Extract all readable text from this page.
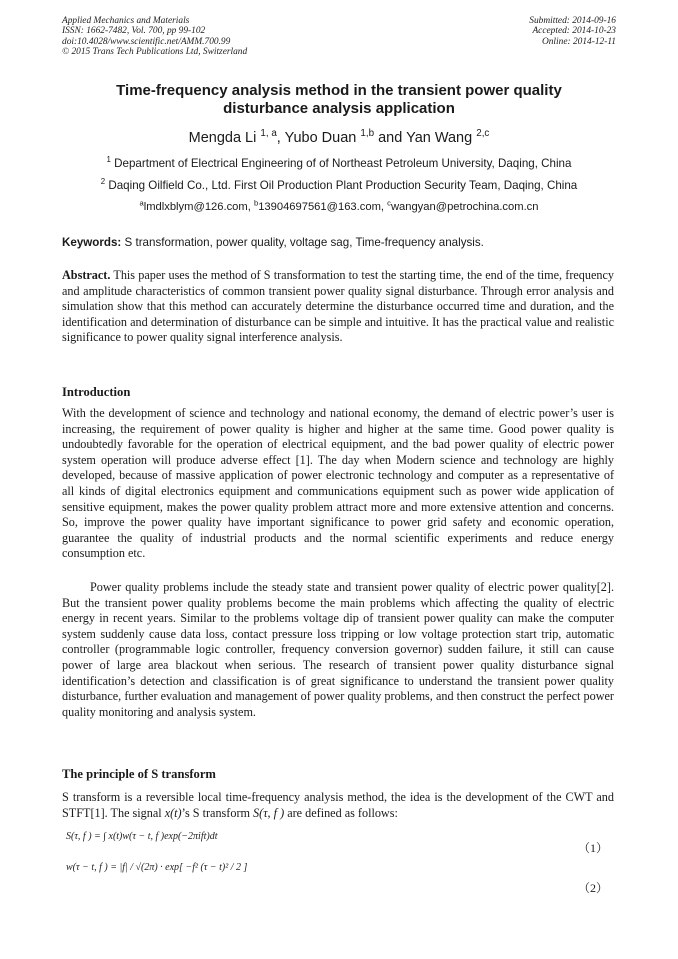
Applied Mechanics and Materials
ISSN: 1662-7482, Vol. 700, pp 99-102
doi:10.4028/www.scientific.net/AMM.700.99
© 2015 Trans Tech Publications Ltd, Switzerland
Submitted: 2014-09-16
Accepted: 2014-10-23
Online: 2014-12-11
Time-frequency analysis method in the transient power quality
disturbance analysis application
Mengda Li $^{1, a}$, Yubo Duan $^{1,b}$ and Yan Wang $^{2,c}$
$^1$ Department of Electrical Engineering of of Northeast Petroleum University, Daqing, China
$^2$ Daqing Oilfield Co., Ltd. First Oil Production Plant Production Security Team, Daqing, China
$^a$lmdlxblym@126.com, $^b$13904697561@163.com, $^c$wangyan@petrochina.com.cn
Keywords: S transformation, power quality, voltage sag, Time-frequency analysis.
Abstract. This paper uses the method of S transformation to test the starting time, the end of the time, frequency and amplitude characteristics of common transient power quality signal disturbance. Through error analysis and simulation show that this method can accurately determine the disturbance occurred time and duration, and the identification and determination of disturbance can be simple and intuitive. It has the practical value and realistic significance to power quality signal interference analysis.
Introduction
With the development of science and technology and national economy, the demand of electric power’s user is increasing, the requirement of power quality is higher and higher at the same time. Good power quality is undoubtedly favorable for the operation of electrical equipment, and the bad power quality of electric power system operation will produce adverse effect [1]. The day when Modern science and technology are highly developed, because of massive application of power electronic technology and computer as a representative of all kinds of digital electronics equipment and communications equipment such as power wide application of sensitive equipment, makes the power quality problem attract more and more extensive attention and concerns. So, improve the power quality have important significance to power grid safety and economic operation, guarantee the quality of industrial products and the normal scientific experiments and reduce energy consumption etc.
Power quality problems include the steady state and transient power quality of electric power quality[2]. But the transient power quality problems become the main problems which affecting the quality of electric energy in recent years. Similar to the problems voltage dip of transient power quality can make the computer system suddenly cause data loss, contact pressure loss tripping or low voltage protection start trip, automatic controller (programmable logic controller, frequency conversion governor) sudden failure, it still can cause power of large area blackout when serious. The research of transient power quality disturbance signal identification’s detection and classification is of great significance to understand the transient power quality disturbance, further evaluation and management of power quality problems, and then construct the perfect power quality monitoring and analysis system.
The principle of S transform
S transform is a reversible local time-frequency analysis method, the idea is the development of the CWT and STFT[1]. The signal x(t)’s S transform S(τ, f ) are defined as follows:
S(τ, f ) = ∫ x(t)w(τ − t, f )exp(−2πift)dt
（1）
w(τ − t, f ) = |f| / √(2π) · exp[ −f² (τ − t)² / 2 ]
（2）
